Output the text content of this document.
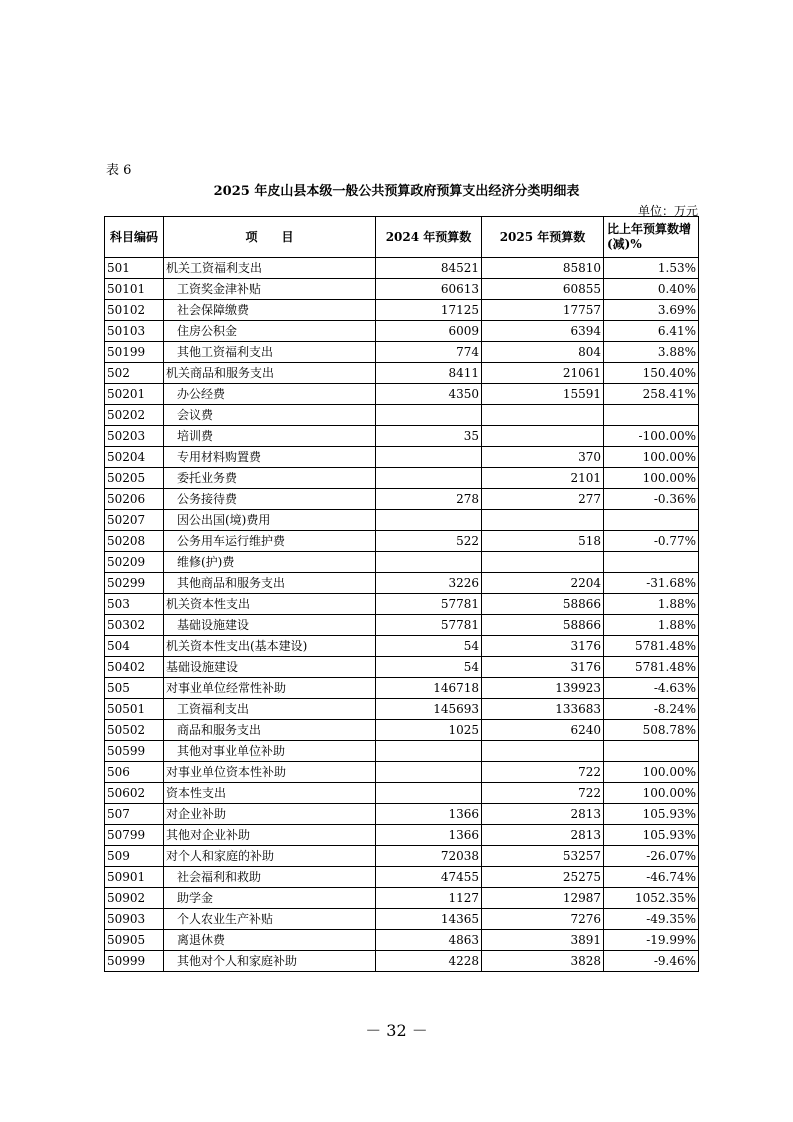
表 6
2025 年皮山县本级一般公共预算政府预算支出经济分类明细表
单位：万元
科目编码	项　　目	2024 年预算数	2025 年预算数	比上年预算数增(减)%
501	机关工资福利支出	84521	85810	1.53%
50101	工资奖金津补贴	60613	60855	0.40%
50102	社会保障缴费	17125	17757	3.69%
50103	住房公积金	6009	6394	6.41%
50199	其他工资福利支出	774	804	3.88%
502	机关商品和服务支出	8411	21061	150.40%
50201	办公经费	4350	15591	258.41%
50202	会议费			
50203	培训费	35		-100.00%
50204	专用材料购置费		370	100.00%
50205	委托业务费		2101	100.00%
50206	公务接待费	278	277	-0.36%
50207	因公出国(境)费用			
50208	公务用车运行维护费	522	518	-0.77%
50209	维修(护)费			
50299	其他商品和服务支出	3226	2204	-31.68%
503	机关资本性支出	57781	58866	1.88%
50302	基础设施建设	57781	58866	1.88%
504	机关资本性支出(基本建设)	54	3176	5781.48%
50402	基础设施建设	54	3176	5781.48%
505	对事业单位经常性补助	146718	139923	-4.63%
50501	工资福利支出	145693	133683	-8.24%
50502	商品和服务支出	1025	6240	508.78%
50599	其他对事业单位补助			
506	对事业单位资本性补助		722	100.00%
50602	资本性支出		722	100.00%
507	对企业补助	1366	2813	105.93%
50799	其他对企业补助	1366	2813	105.93%
509	对个人和家庭的补助	72038	53257	-26.07%
50901	社会福利和救助	47455	25275	-46.74%
50902	助学金	1127	12987	1052.35%
50903	个人农业生产补贴	14365	7276	-49.35%
50905	离退休费	4863	3891	-19.99%
50999	其他对个人和家庭补助	4228	3828	-9.46%
－ 32 －
